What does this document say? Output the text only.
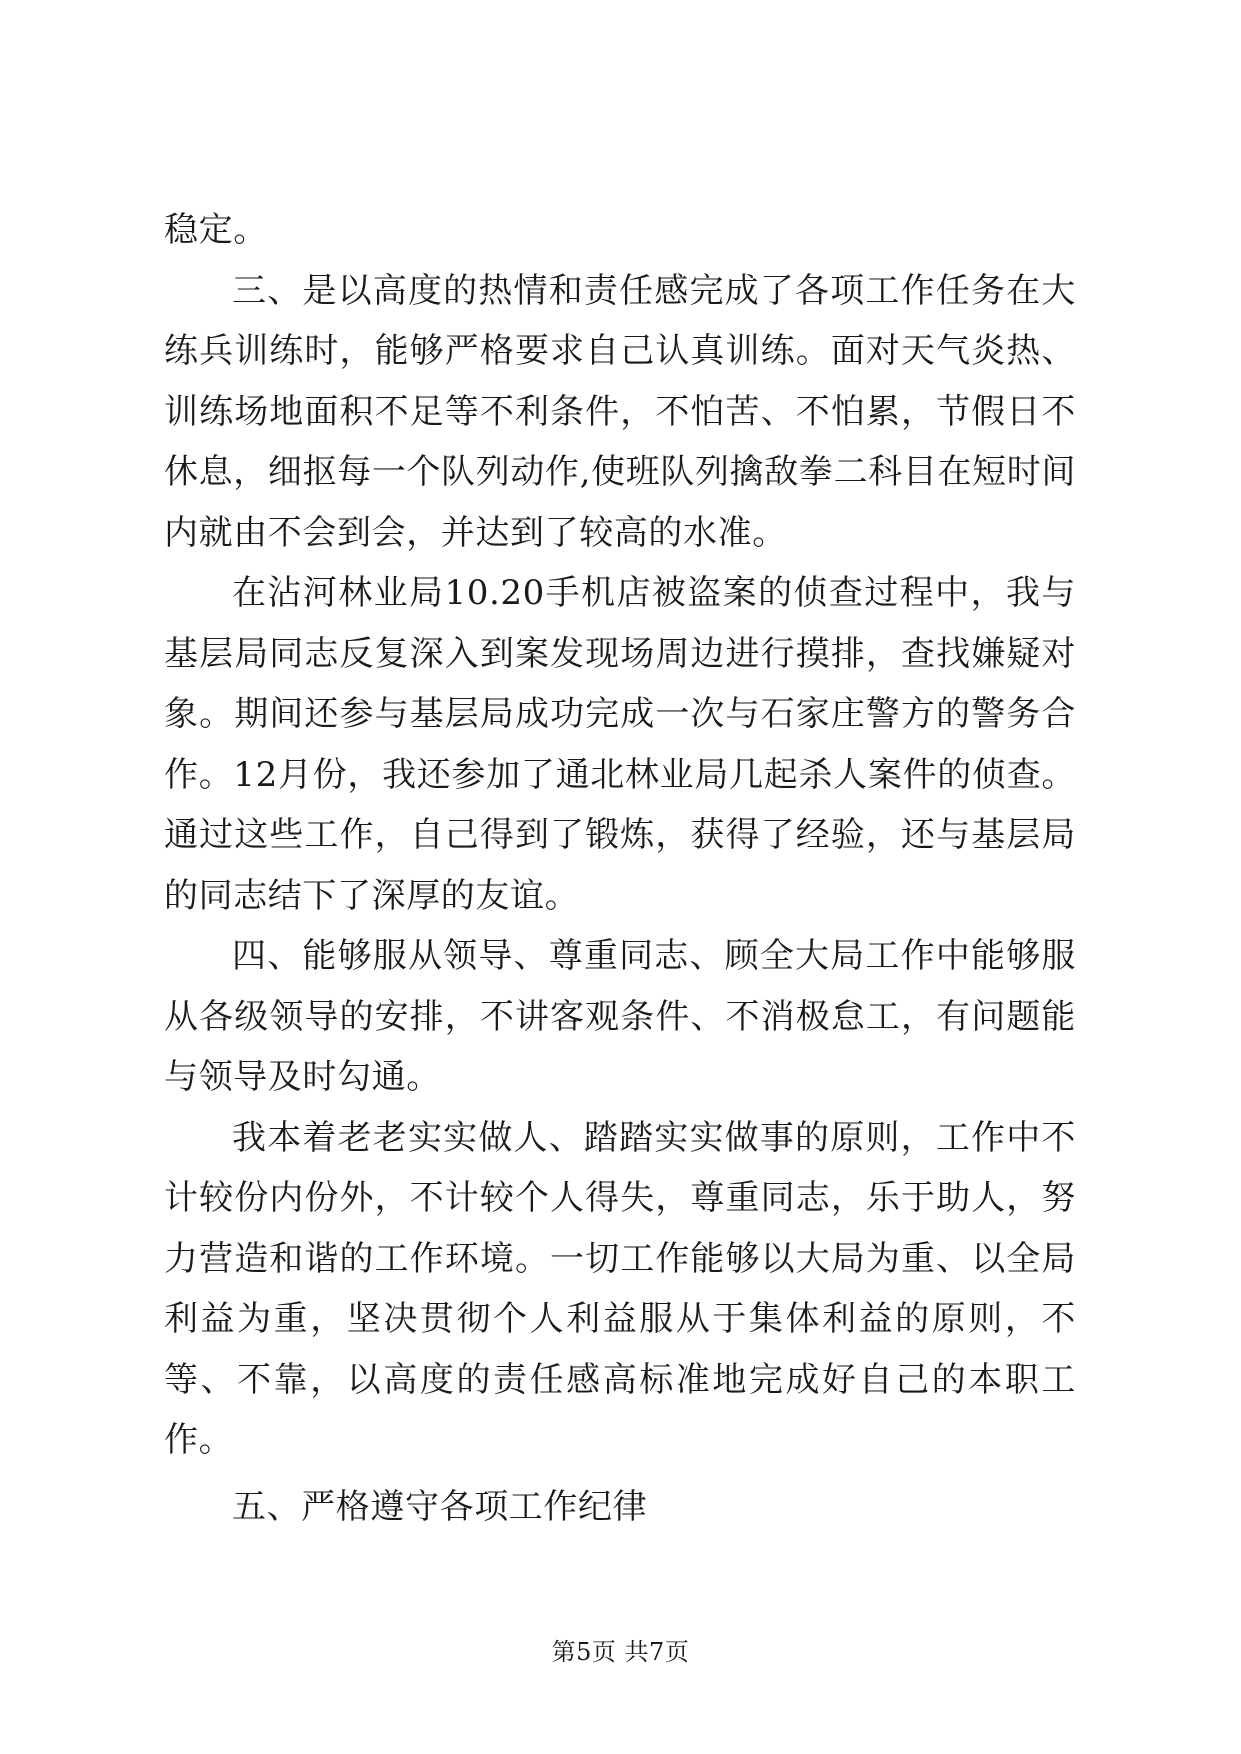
稳定。

三、是以高度的热情和责任感完成了各项工作任务在大练兵训练时，能够严格要求自己认真训练。面对天气炎热、训练场地面积不足等不利条件，不怕苦、不怕累，节假日不休息，细抠每一个队列动作,使班队列擒敌拳二科目在短时间内就由不会到会，并达到了较高的水准。

在沾河林业局10.20手机店被盗案的侦查过程中，我与基层局同志反复深入到案发现场周边进行摸排，查找嫌疑对象。期间还参与基层局成功完成一次与石家庄警方的警务合作。12月份，我还参加了通北林业局几起杀人案件的侦查。通过这些工作，自己得到了锻炼，获得了经验，还与基层局的同志结下了深厚的友谊。

四、能够服从领导、尊重同志、顾全大局工作中能够服从各级领导的安排，不讲客观条件、不消极怠工，有问题能与领导及时勾通。

我本着老老实实做人、踏踏实实做事的原则，工作中不计较份内份外，不计较个人得失，尊重同志，乐于助人，努力营造和谐的工作环境。一切工作能够以大局为重、以全局利益为重，坚决贯彻个人利益服从于集体利益的原则，不等、不靠，以高度的责任感高标准地完成好自己的本职工作。

五、严格遵守各项工作纪律

第5页 共7页
